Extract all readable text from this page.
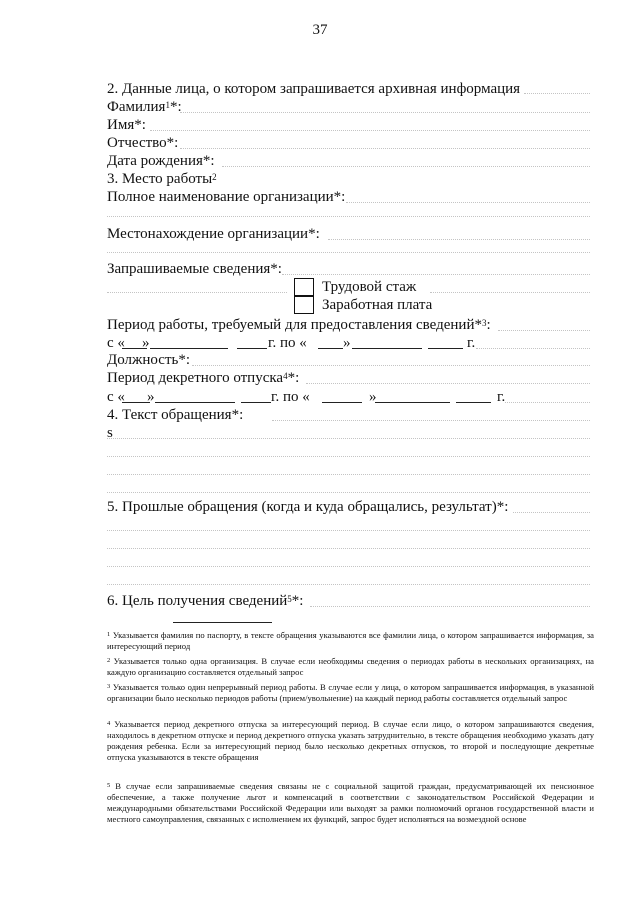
37
2. Данные лица, о котором запрашивается архивная информация
Фамилия$^1$*:
Имя*:
Отчество*:
Дата рождения*:
3. Место работы$^2$
Полное наименование организации*:
Местонахождение организации*:
Запрашиваемые сведения*:
Трудовой стаж
Заработная плата
Период работы, требуемый для предоставления сведений*$^3$:
с « »	г. по « »	г.
Должность*:
Период декретного отпуска$^4$*:
с « »	г. по «	»	г.
4. Текст обращения*:
s
5. Прошлые обращения (когда и куда обращались, результат)*:
6. Цель получения сведений$^5$*:
$^1$ Указывается фамилия по паспорту, в тексте обращения указываются все фамилии лица, о котором запрашивается информация, за интересующий период
$^2$ Указывается только одна организация. В случае если необходимы сведения о периодах работы в нескольких организациях, на каждую организацию составляется отдельный запрос
$^3$ Указывается только один непрерывный период работы. В случае если у лица, о котором запрашивается информация, в указанной организации было несколько периодов работы (прием/увольнение) на каждый период работы составляется отдельный запрос
$^4$ Указывается период декретного отпуска за интересующий период. В случае если лицо, о котором запрашиваются сведения, находилось в декретном отпуске и период декретного отпуска указать затруднительно, в тексте обращения необходимо указать дату рождения ребенка. Если за интересующий период было несколько декретных отпусков, то второй и последующие декретные отпуска указываются в тексте обращения
$^5$ В случае если запрашиваемые сведения связаны не с социальной защитой граждан, предусматривающей их пенсионное обеспечение, а также получение льгот и компенсаций в соответствии с законодательством Российской Федерации и международными обязательствами Российской Федерации или выходят за рамки полномочий органов государственной власти и местного самоуправления, связанных с исполнением их функций, запрос будет исполняться на возмездной основе
